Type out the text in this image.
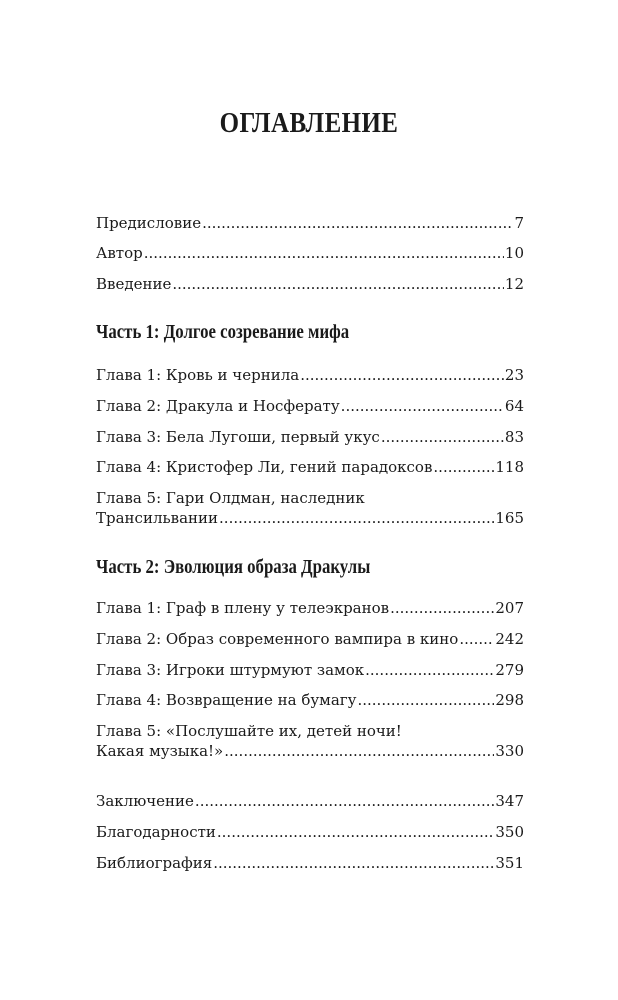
ОГЛАВЛЕНИЕ
Предисловие .....	7
Автор .....	10
Введение .....	12
Часть 1: Долгое созревание мифа
Глава 1: Кровь и чернила .....	23
Глава 2: Дракула и Носферату .....	64
Глава 3: Бела Лугоши, первый укус .....	83
Глава 4: Кристофер Ли, гений парадоксов .....	118
Глава 5: Гари Олдман, наследник
Трансильвании .....	165
Часть 2: Эволюция образа Дракулы
Глава 1: Граф в плену у телеэкранов .....	207
Глава 2: Образ современного вампира в кино ..... 242
Глава 3: Игроки штурмуют замок .....	279
Глава 4: Возвращение на бумагу .....	298
Глава 5: «Послушайте их, детей ночи!
Какая музыка!» .....	330
Заключение .....	347
Благодарности .....	350
Библиография .....	351
